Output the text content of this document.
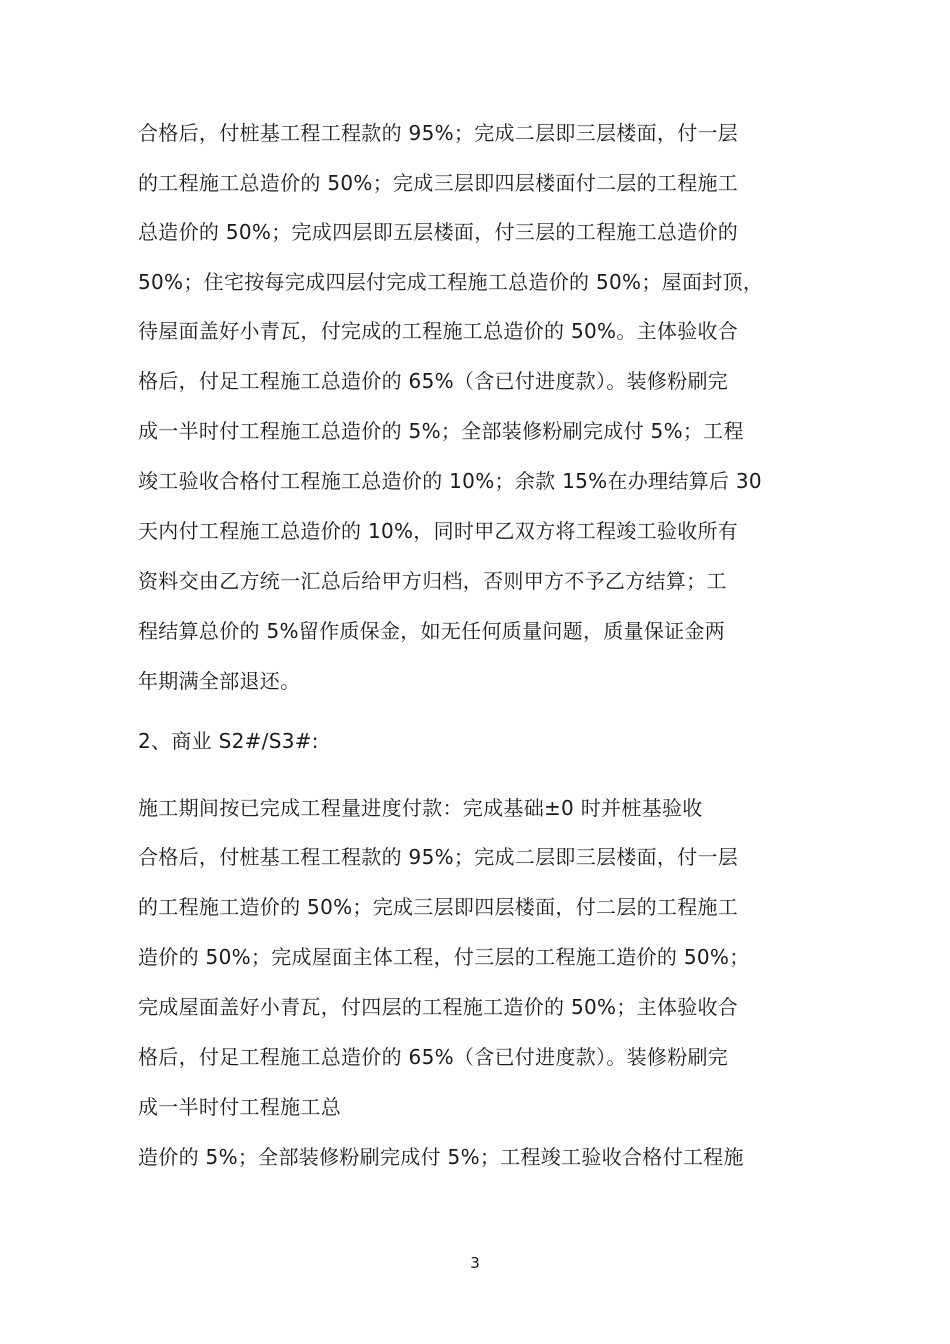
合格后，付桩基工程工程款的 95%；完成二层即三层楼面，付一层
的工程施工总造价的 50%；完成三层即四层楼面付二层的工程施工
总造价的 50%；完成四层即五层楼面，付三层的工程施工总造价的
50%；住宅按每完成四层付完成工程施工总造价的 50%；屋面封顶，
待屋面盖好小青瓦，付完成的工程施工总造价的 50%。主体验收合
格后，付足工程施工总造价的 65%（含已付进度款）。装修粉刷完
成一半时付工程施工总造价的 5%；全部装修粉刷完成付 5%；工程
竣工验收合格付工程施工总造价的 10%；余款 15%在办理结算后 30
天内付工程施工总造价的 10%，同时甲乙双方将工程竣工验收所有
资料交由乙方统一汇总后给甲方归档，否则甲方不予乙方结算；工
程结算总价的 5%留作质保金，如无任何质量问题，质量保证金两
年期满全部退还。
2、商业 S2#/S3#:
施工期间按已完成工程量进度付款：完成基础±0 时并桩基验收
合格后，付桩基工程工程款的 95%；完成二层即三层楼面，付一层
的工程施工造价的 50%；完成三层即四层楼面，付二层的工程施工
造价的 50%；完成屋面主体工程，付三层的工程施工造价的 50%；
完成屋面盖好小青瓦，付四层的工程施工造价的 50%；主体验收合
格后，付足工程施工总造价的 65%（含已付进度款）。装修粉刷完
成一半时付工程施工总
造价的 5%；全部装修粉刷完成付 5%；工程竣工验收合格付工程施
3
